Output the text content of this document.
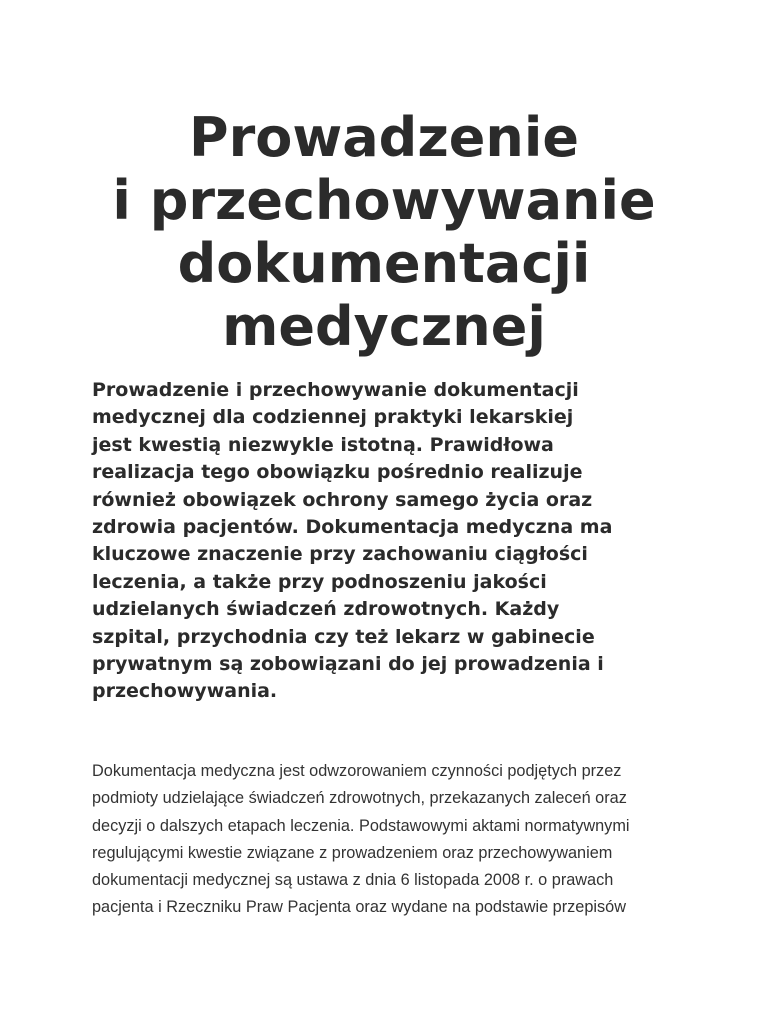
Prowadzenie
i przechowywanie
dokumentacji
medycznej

Prowadzenie i przechowywanie dokumentacji
medycznej dla codziennej praktyki lekarskiej
jest kwestią niezwykle istotną. Prawidłowa
realizacja tego obowiązku pośrednio realizuje
również obowiązek ochrony samego życia oraz
zdrowia pacjentów. Dokumentacja medyczna ma
kluczowe znaczenie przy zachowaniu ciągłości
leczenia, a także przy podnoszeniu jakości
udzielanych świadczeń zdrowotnych. Każdy
szpital, przychodnia czy też lekarz w gabinecie
prywatnym są zobowiązani do jej prowadzenia i
przechowywania.

Dokumentacja medyczna jest odwzorowaniem czynności podjętych przez
podmioty udzielające świadczeń zdrowotnych, przekazanych zaleceń oraz
decyzji o dalszych etapach leczenia. Podstawowymi aktami normatywnymi
regulującymi kwestie związane z prowadzeniem oraz przechowywaniem
dokumentacji medycznej są ustawa z dnia 6 listopada 2008 r. o prawach
pacjenta i Rzeczniku Praw Pacjenta oraz wydane na podstawie przepisów
